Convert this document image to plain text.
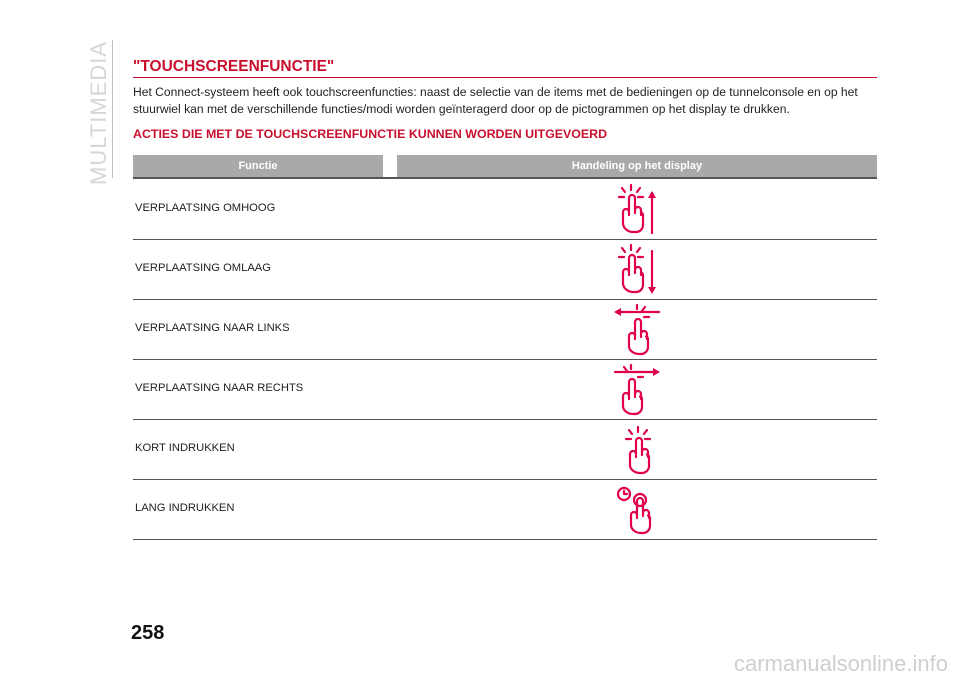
MULTIMEDIA "TOUCHSCREENFUNCTIE"
Het Connect-systeem heeft ook touchscreenfuncties: naast de selectie van de items met de bedieningen op de tunnelconsole en op het stuurwiel kan met de verschillende functies/modi worden geïnteragerd door op de pictogrammen op het display te drukken.
ACTIES DIE MET DE TOUCHSCREENFUNCTIE KUNNEN WORDEN UITGEVOERD
Functie	Handeling op het display
VERPLAATSING OMHOOG
VERPLAATSING OMLAAG
VERPLAATSING NAAR LINKS
VERPLAATSING NAAR RECHTS
KORT INDRUKKEN
LANG INDRUKKEN
258
carmanualsonline.info
